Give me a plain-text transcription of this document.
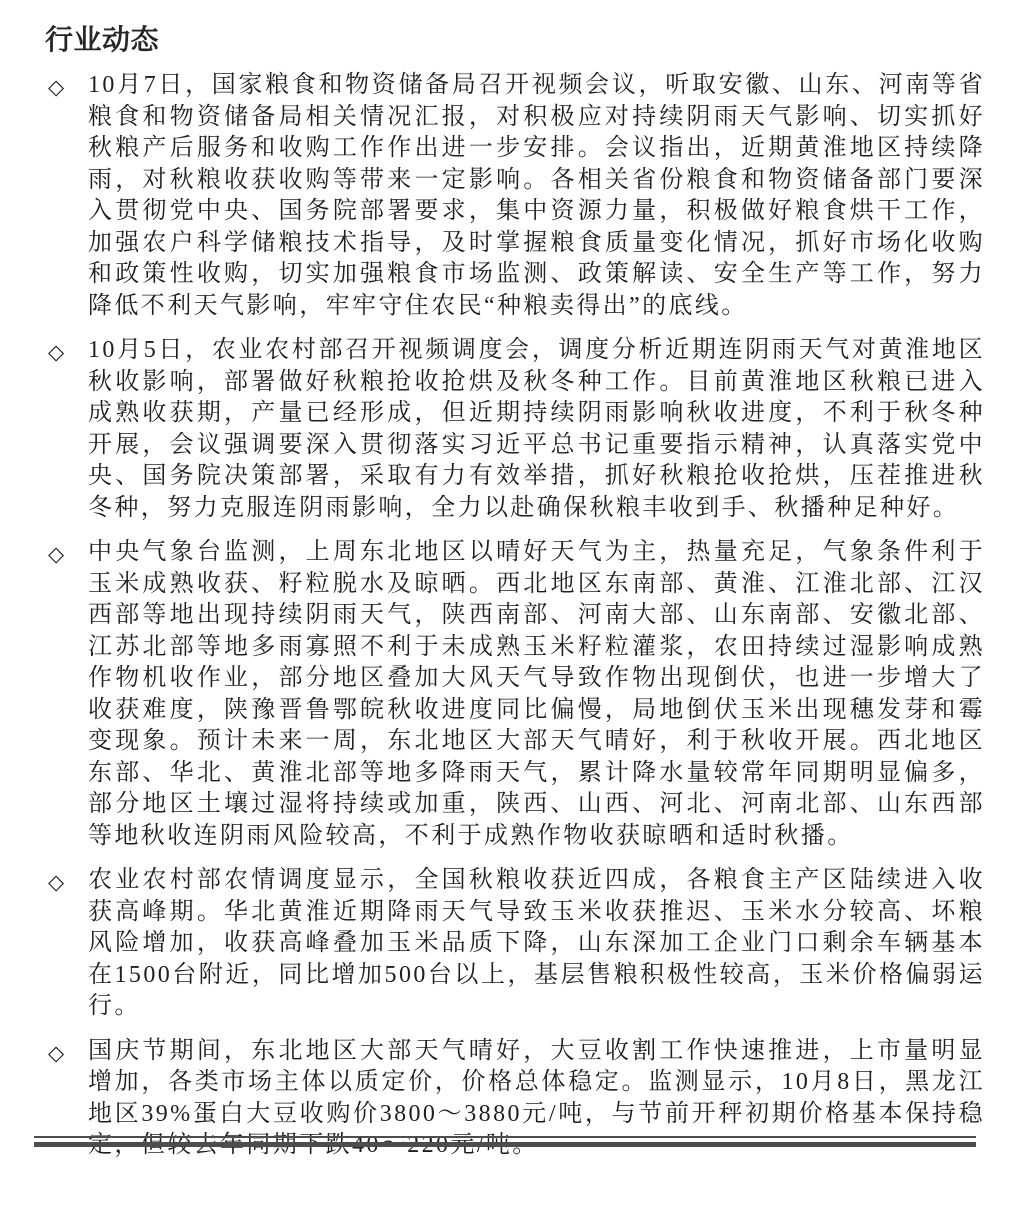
行业动态
◇ 10月7日，国家粮食和物资储备局召开视频会议，听取安徽、山东、河南等省粮食和物资储备局相关情况汇报，对积极应对持续阴雨天气影响、切实抓好秋粮产后服务和收购工作作出进一步安排。会议指出，近期黄淮地区持续降雨，对秋粮收获收购等带来一定影响。各相关省份粮食和物资储备部门要深入贯彻党中央、国务院部署要求，集中资源力量，积极做好粮食烘干工作，加强农户科学储粮技术指导，及时掌握粮食质量变化情况，抓好市场化收购和政策性收购，切实加强粮食市场监测、政策解读、安全生产等工作，努力降低不利天气影响，牢牢守住农民“种粮卖得出”的底线。

◇ 10月5日，农业农村部召开视频调度会，调度分析近期连阴雨天气对黄淮地区秋收影响，部署做好秋粮抢收抢烘及秋冬种工作。目前黄淮地区秋粮已进入成熟收获期，产量已经形成，但近期持续阴雨影响秋收进度，不利于秋冬种开展，会议强调要深入贯彻落实习近平总书记重要指示精神，认真落实党中央、国务院决策部署，采取有力有效举措，抓好秋粮抢收抢烘，压茬推进秋冬种，努力克服连阴雨影响，全力以赴确保秋粮丰收到手、秋播种足种好。

◇ 中央气象台监测，上周东北地区以晴好天气为主，热量充足，气象条件利于玉米成熟收获、籽粒脱水及晾晒。西北地区东南部、黄淮、江淮北部、江汉西部等地出现持续阴雨天气，陕西南部、河南大部、山东南部、安徽北部、江苏北部等地多雨寡照不利于未成熟玉米籽粒灌浆，农田持续过湿影响成熟作物机收作业，部分地区叠加大风天气导致作物出现倒伏，也进一步增大了收获难度，陕豫晋鲁鄂皖秋收进度同比偏慢，局地倒伏玉米出现穗发芽和霉变现象。预计未来一周，东北地区大部天气晴好，利于秋收开展。西北地区东部、华北、黄淮北部等地多降雨天气，累计降水量较常年同期明显偏多，部分地区土壤过湿将持续或加重，陕西、山西、河北、河南北部、山东西部等地秋收连阴雨风险较高，不利于成熟作物收获晾晒和适时秋播。

◇ 农业农村部农情调度显示，全国秋粮收获近四成，各粮食主产区陆续进入收获高峰期。华北黄淮近期降雨天气导致玉米收获推迟、玉米水分较高、坏粮风险增加，收获高峰叠加玉米品质下降，山东深加工企业门口剩余车辆基本在1500台附近，同比增加500台以上，基层售粮积极性较高，玉米价格偏弱运行。

◇ 国庆节期间，东北地区大部天气晴好，大豆收割工作快速推进，上市量明显增加，各类市场主体以质定价，价格总体稳定。监测显示，10月8日，黑龙江地区39%蛋白大豆收购价3800～3880元/吨，与节前开秤初期价格基本保持稳定，但较去年同期下跌40～220元/吨。
